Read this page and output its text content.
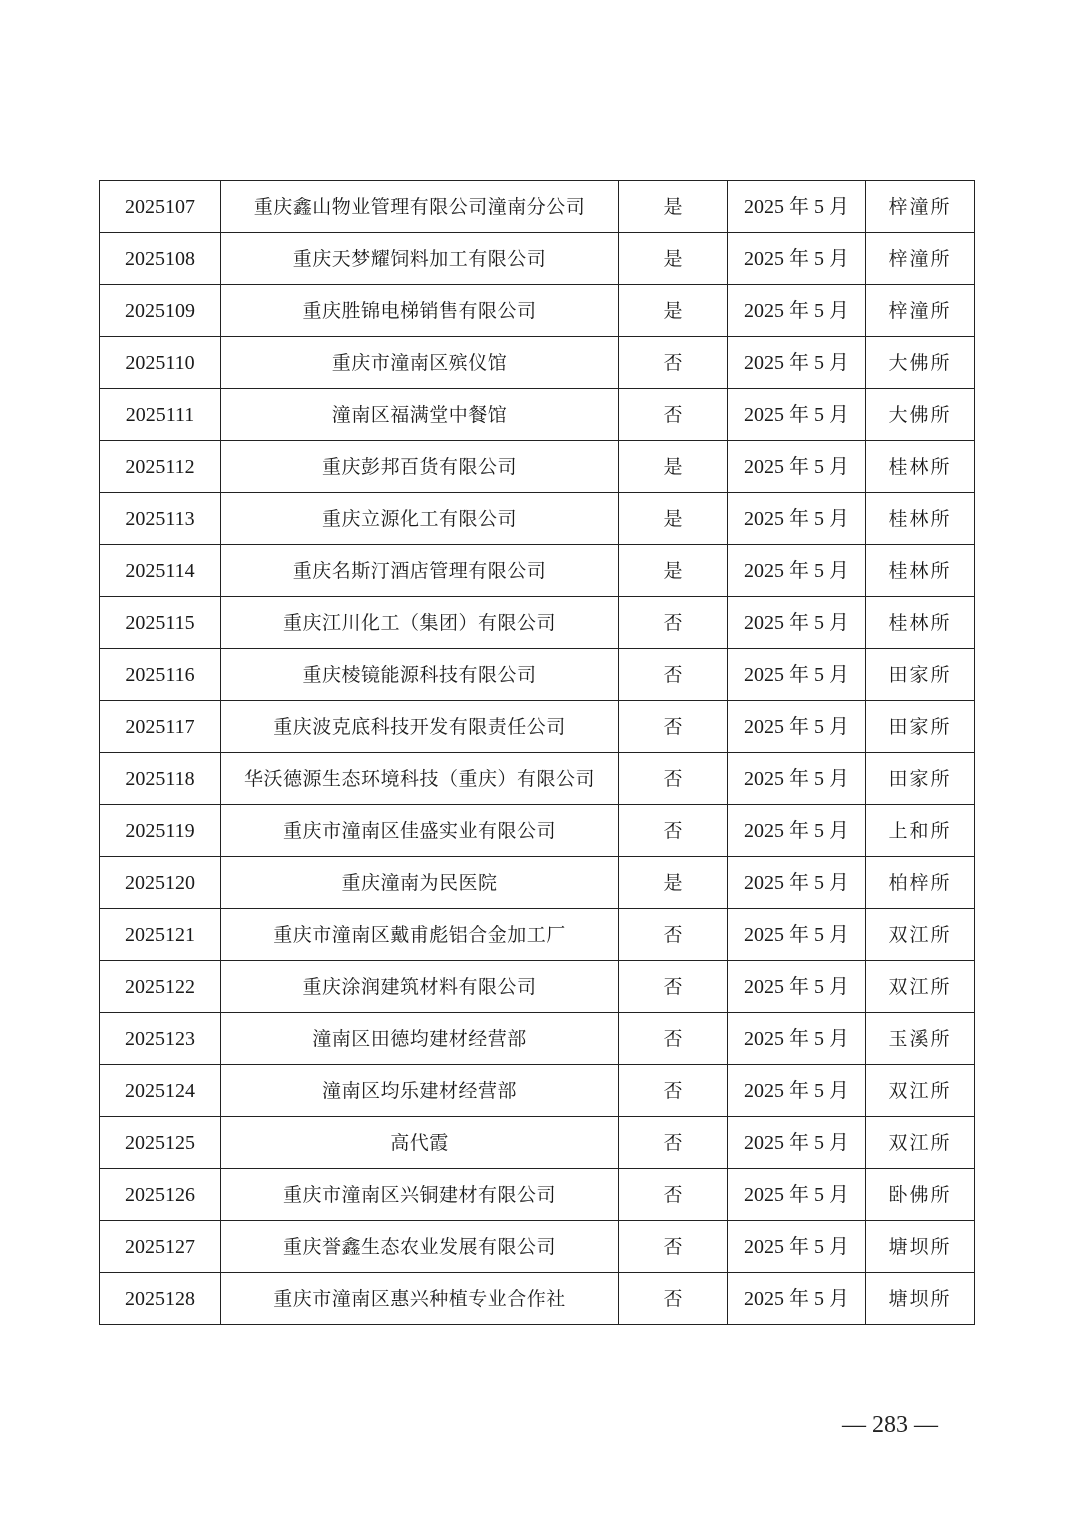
2025107	重庆鑫山物业管理有限公司潼南分公司	是	2025 年 5 月	梓潼所
2025108	重庆天梦耀饲料加工有限公司	是	2025 年 5 月	梓潼所
2025109	重庆胜锦电梯销售有限公司	是	2025 年 5 月	梓潼所
2025110	重庆市潼南区殡仪馆	否	2025 年 5 月	大佛所
2025111	潼南区福满堂中餐馆	否	2025 年 5 月	大佛所
2025112	重庆彭邦百货有限公司	是	2025 年 5 月	桂林所
2025113	重庆立源化工有限公司	是	2025 年 5 月	桂林所
2025114	重庆名斯汀酒店管理有限公司	是	2025 年 5 月	桂林所
2025115	重庆江川化工（集团）有限公司	否	2025 年 5 月	桂林所
2025116	重庆棱镜能源科技有限公司	否	2025 年 5 月	田家所
2025117	重庆波克底科技开发有限责任公司	否	2025 年 5 月	田家所
2025118	华沃德源生态环境科技（重庆）有限公司	否	2025 年 5 月	田家所
2025119	重庆市潼南区佳盛实业有限公司	否	2025 年 5 月	上和所
2025120	重庆潼南为民医院	是	2025 年 5 月	柏梓所
2025121	重庆市潼南区戴甫彪铝合金加工厂	否	2025 年 5 月	双江所
2025122	重庆涂润建筑材料有限公司	否	2025 年 5 月	双江所
2025123	潼南区田德均建材经营部	否	2025 年 5 月	玉溪所
2025124	潼南区均乐建材经营部	否	2025 年 5 月	双江所
2025125	高代霞	否	2025 年 5 月	双江所
2025126	重庆市潼南区兴铜建材有限公司	否	2025 年 5 月	卧佛所
2025127	重庆誉鑫生态农业发展有限公司	否	2025 年 5 月	塘坝所
2025128	重庆市潼南区惠兴种植专业合作社	否	2025 年 5 月	塘坝所
— 283 —
